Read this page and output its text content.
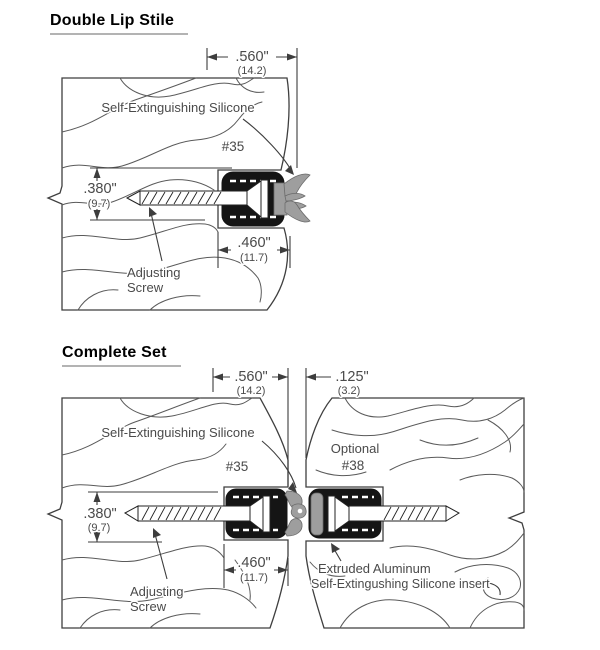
Double Lip Stile
Complete Set
.560"
(14.2)
.380"
(9.7)
.460"
(11.7)
Self-Extinguishing Silicone
#35
Adjusting
Screw
.560"
(14.2)
.125"
(3.2)
.380"
(9.7)
.460"
(11.7)
Self-Extinguishing Silicone
#35
Optional
#38
Adjusting
Screw
Extruded Aluminum
Self-Extingushing Silicone insert
